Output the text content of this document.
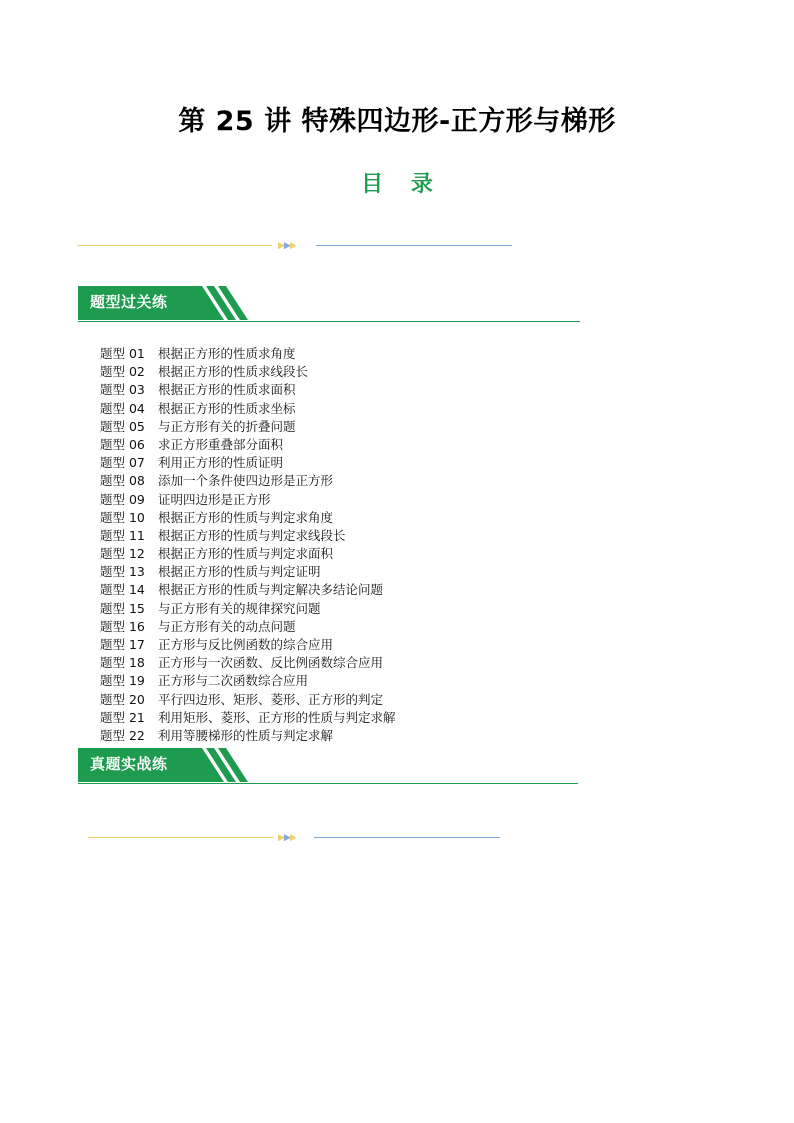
第 25 讲 特殊四边形-正方形与梯形
目 录
▶▶▶
题型过关练
题型 01 根据正方形的性质求角度
题型 02 根据正方形的性质求线段长
题型 03 根据正方形的性质求面积
题型 04 根据正方形的性质求坐标
题型 05 与正方形有关的折叠问题
题型 06 求正方形重叠部分面积
题型 07 利用正方形的性质证明
题型 08 添加一个条件使四边形是正方形
题型 09 证明四边形是正方形
题型 10 根据正方形的性质与判定求角度
题型 11 根据正方形的性质与判定求线段长
题型 12 根据正方形的性质与判定求面积
题型 13 根据正方形的性质与判定证明
题型 14 根据正方形的性质与判定解决多结论问题
题型 15 与正方形有关的规律探究问题
题型 16 与正方形有关的动点问题
题型 17 正方形与反比例函数的综合应用
题型 18 正方形与一次函数、反比例函数综合应用
题型 19 正方形与二次函数综合应用
题型 20 平行四边形、矩形、菱形、正方形的判定
题型 21 利用矩形、菱形、正方形的性质与判定求解
题型 22 利用等腰梯形的性质与判定求解
真题实战练
▶▶▶
